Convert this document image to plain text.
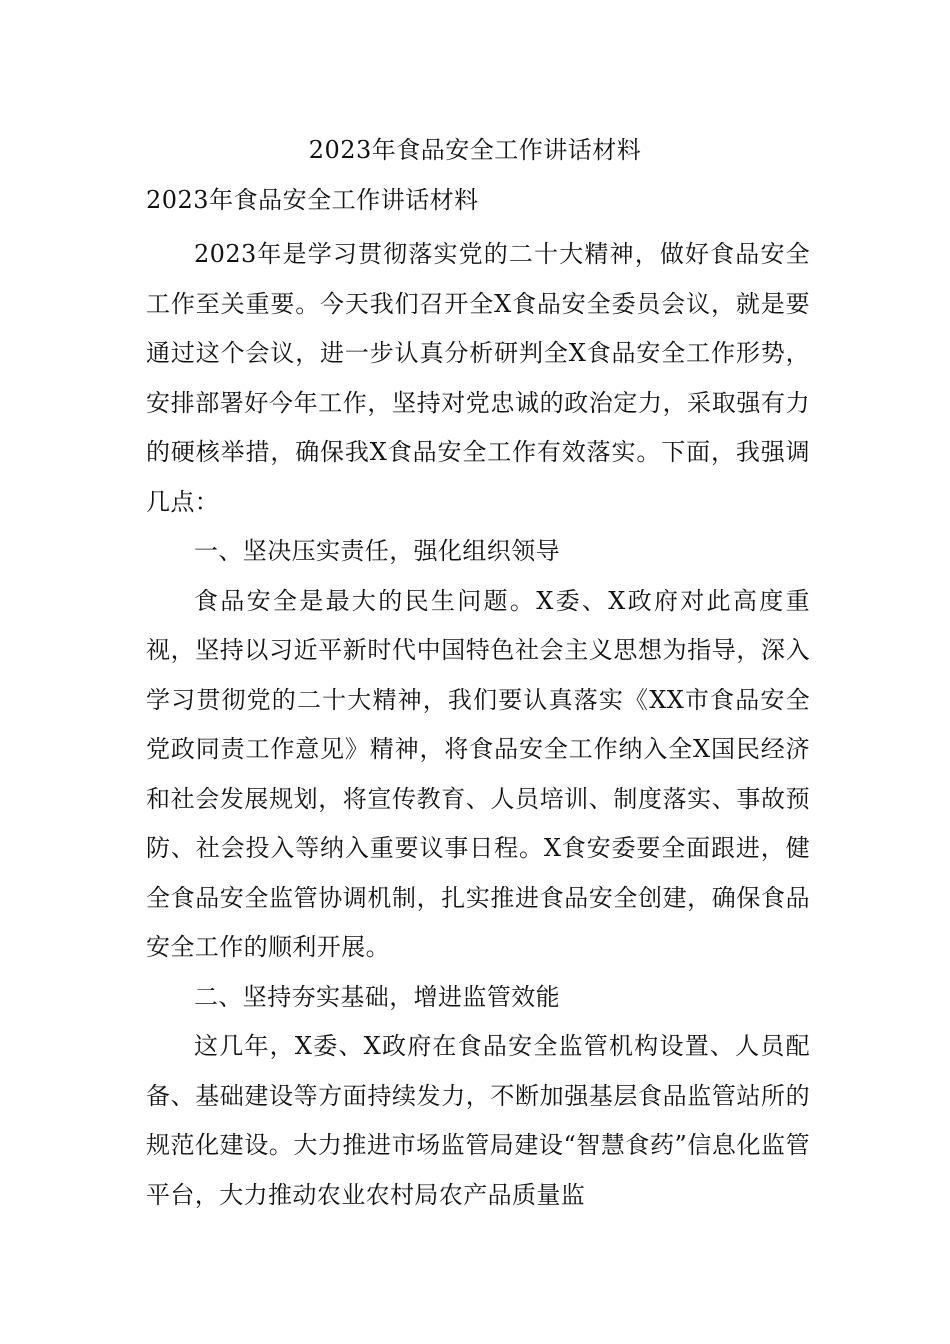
2023年食品安全工作讲话材料
2023年食品安全工作讲话材料

2023年是学习贯彻落实党的二十大精神，做好食品安全工作至关重要。今天我们召开全X食品安全委员会议，就是要通过这个会议，进一步认真分析研判全X食品安全工作形势，安排部署好今年工作，坚持对党忠诚的政治定力，采取强有力的硬核举措，确保我X食品安全工作有效落实。下面，我强调几点：

一、坚决压实责任，强化组织领导

食品安全是最大的民生问题。X委、X政府对此高度重视，坚持以习近平新时代中国特色社会主义思想为指导，深入学习贯彻党的二十大精神，我们要认真落实《XX市食品安全党政同责工作意见》精神，将食品安全工作纳入全X国民经济和社会发展规划，将宣传教育、人员培训、制度落实、事故预防、社会投入等纳入重要议事日程。X食安委要全面跟进，健全食品安全监管协调机制，扎实推进食品安全创建，确保食品安全工作的顺利开展。

二、坚持夯实基础，增进监管效能

这几年，X委、X政府在食品安全监管机构设置、人员配备、基础建设等方面持续发力，不断加强基层食品监管站所的规范化建设。大力推进市场监管局建设“智慧食药”信息化监管平台，大力推动农业农村局农产品质量监
